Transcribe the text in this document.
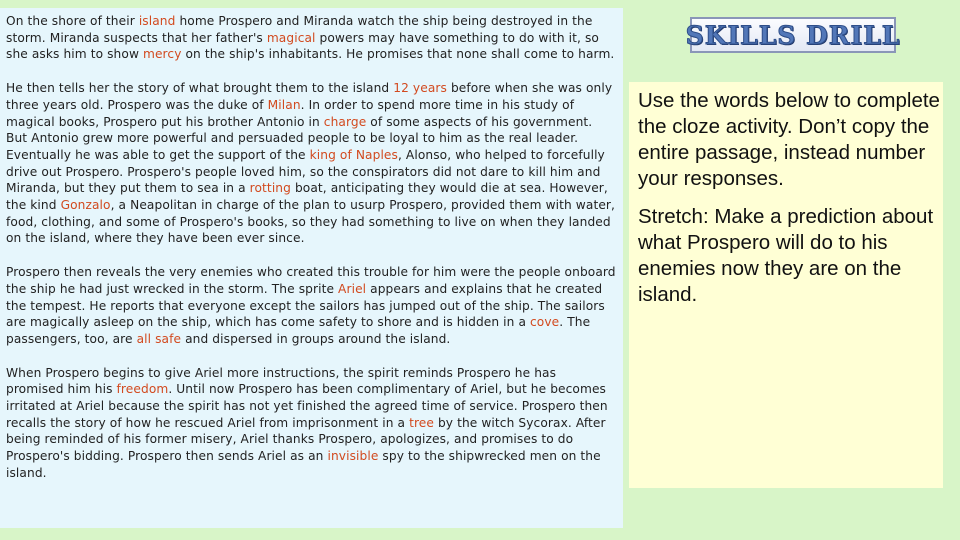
On the shore of their island home Prospero and Miranda watch the ship being destroyed in the storm. Miranda suspects that her father's magical powers may have something to do with it, so she asks him to show mercy on the ship's inhabitants. He promises that none shall come to harm.

He then tells her the story of what brought them to the island 12 years before when she was only three years old. Prospero was the duke of Milan. In order to spend more time in his study of magical books, Prospero put his brother Antonio in charge of some aspects of his government. But Antonio grew more powerful and persuaded people to be loyal to him as the real leader. Eventually he was able to get the support of the king of Naples, Alonso, who helped to forcefully drive out Prospero. Prospero's people loved him, so the conspirators did not dare to kill him and Miranda, but they put them to sea in a rotting boat, anticipating they would die at sea. However, the kind Gonzalo, a Neapolitan in charge of the plan to usurp Prospero, provided them with water, food, clothing, and some of Prospero's books, so they had something to live on when they landed on the island, where they have been ever since.

Prospero then reveals the very enemies who created this trouble for him were the people onboard the ship he had just wrecked in the storm. The sprite Ariel appears and explains that he created the tempest. He reports that everyone except the sailors has jumped out of the ship. The sailors are magically asleep on the ship, which has come safety to shore and is hidden in a cove. The passengers, too, are all safe and dispersed in groups around the island.

When Prospero begins to give Ariel more instructions, the spirit reminds Prospero he has promised him his freedom. Until now Prospero has been complimentary of Ariel, but he becomes irritated at Ariel because the spirit has not yet finished the agreed time of service. Prospero then recalls the story of how he rescued Ariel from imprisonment in a tree by the witch Sycorax. After being reminded of his former misery, Ariel thanks Prospero, apologizes, and promises to do Prospero's bidding. Prospero then sends Ariel as an invisible spy to the shipwrecked men on the island.

SKILLS DRILL

Use the words below to complete the cloze activity. Don’t copy the entire passage, instead number your responses.

Stretch: Make a prediction about what Prospero will do to his enemies now they are on the island.
